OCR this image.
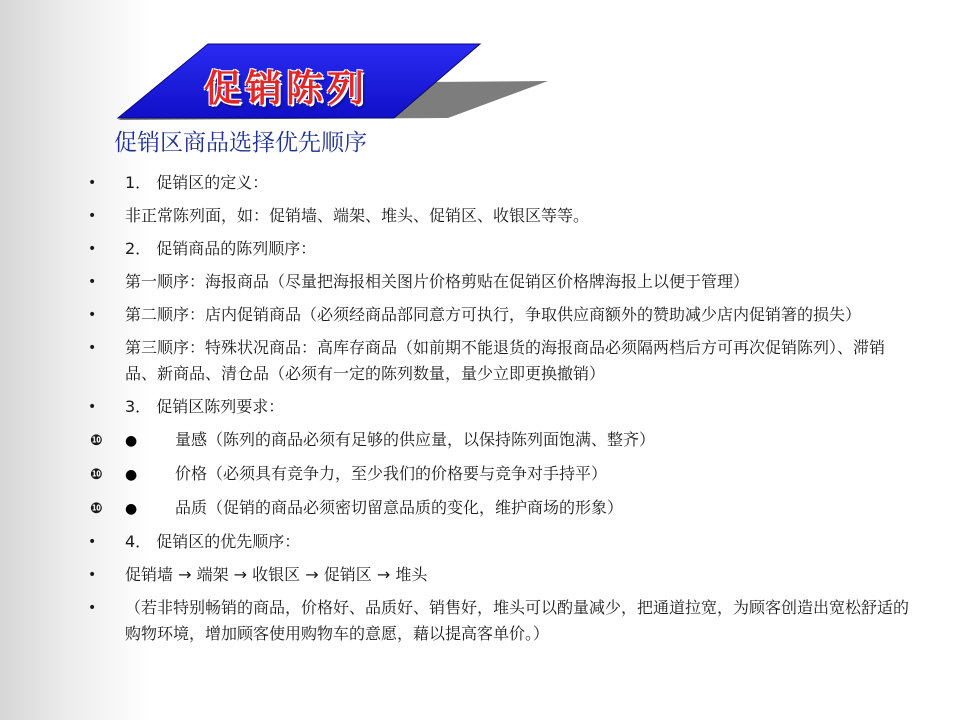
促销陈列
促销区商品选择优先顺序
•	1． 促销区的定义：
•	非正常陈列面，如：促销墙、端架、堆头、促销区、收银区等等。
•	2． 促销商品的陈列顺序：
•	第一顺序：海报商品（尽量把海报相关图片价格剪贴在促销区价格牌海报上以便于管理）
•	第二顺序：店内促销商品（必须经商品部同意方可执行，争取供应商额外的赞助减少店内促销箸的损失）
•	第三顺序：特殊状况商品：高库存商品（如前期不能退货的海报商品必须隔两档后方可再次促销陈列）、滞销品、新商品、清仓品（必须有一定的陈列数量，量少立即更换撤销）
•	3． 促销区陈列要求：
❿	● 量感（陈列的商品必须有足够的供应量，以保持陈列面饱满、整齐）
❿	● 价格（必须具有竞争力，至少我们的价格要与竞争对手持平）
❿	● 品质（促销的商品必须密切留意品质的变化，维护商场的形象）
•	4． 促销区的优先顺序：
•	促销墙 → 端架 → 收银区 → 促销区 → 堆头
•	（若非特别畅销的商品，价格好、品质好、销售好，堆头可以酌量减少，把通道拉宽，为顾客创造出宽松舒适的购物环境，增加顾客使用购物车的意愿，藉以提高客单价。）
